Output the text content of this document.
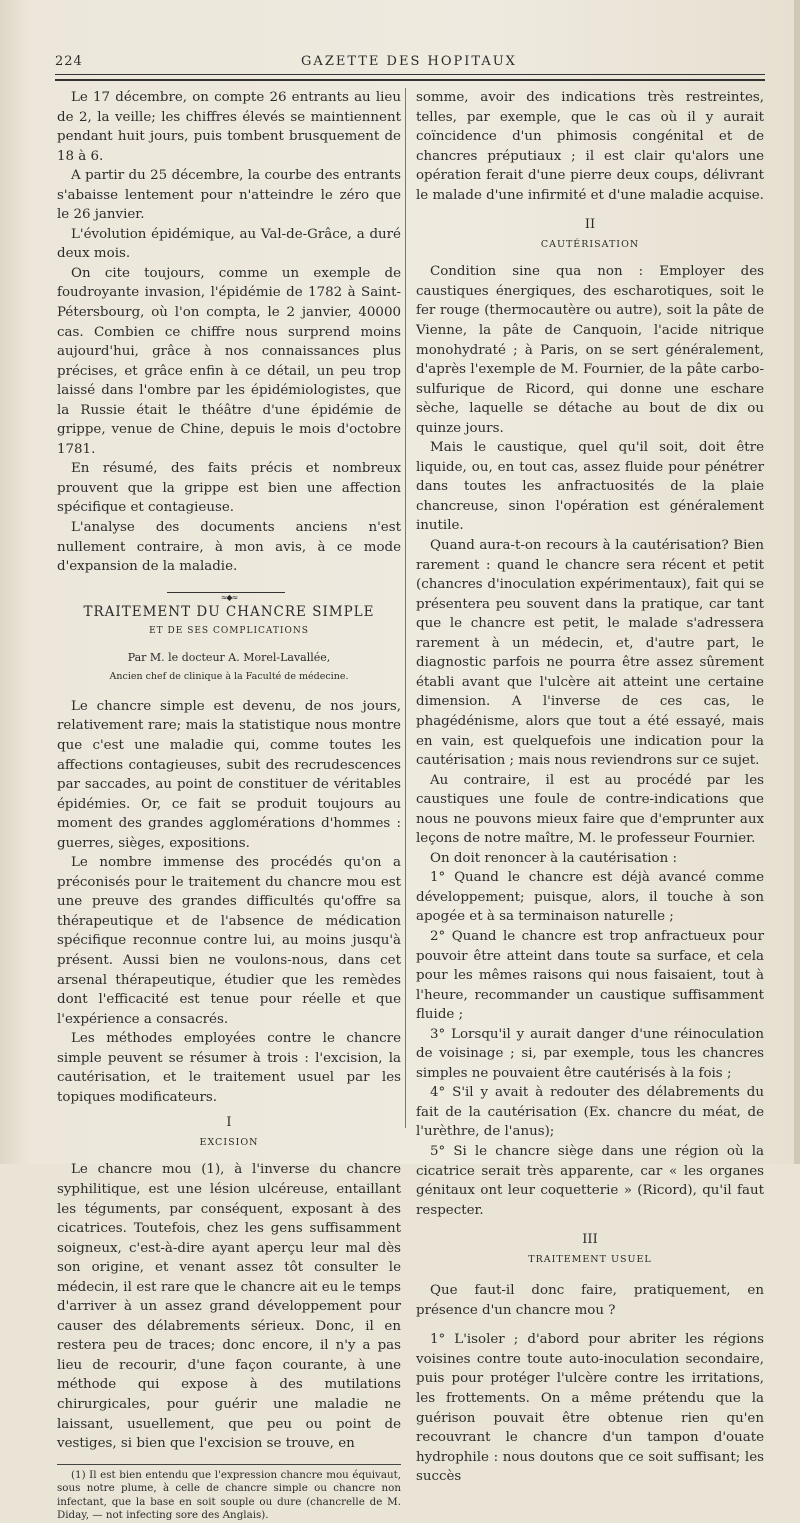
224	GAZETTE DES HOPITAUX

Le 17 décembre, on compte 26 entrants au lieu de 2, la veille; les chiffres élevés se maintiennent pendant huit jours, puis tombent brusquement de 18 à 6.

A partir du 25 décembre, la courbe des entrants s'abaisse lentement pour n'atteindre le zéro que le 26 janvier.

L'évolution épidémique, au Val-de-Grâce, a duré deux mois.

On cite toujours, comme un exemple de foudroyante invasion, l'épidémie de 1782 à Saint-Pétersbourg, où l'on compta, le 2 janvier, 40000 cas. Combien ce chiffre nous surprend moins aujourd'hui, grâce à nos connaissances plus précises, et grâce enfin à ce détail, un peu trop laissé dans l'ombre par les épidémiologistes, que la Russie était le théâtre d'une épidémie de grippe, venue de Chine, depuis le mois d'octobre 1781.

En résumé, des faits précis et nombreux prouvent que la grippe est bien une affection spécifique et contagieuse.

L'analyse des documents anciens n'est nullement contraire, à mon avis, à ce mode d'expansion de la maladie.

≈◆≈

TRAITEMENT DU CHANCRE SIMPLE

ET DE SES COMPLICATIONS

Par M. le docteur A. Morel-Lavallée,

Ancien chef de clinique à la Faculté de médecine.

Le chancre simple est devenu, de nos jours, relativement rare; mais la statistique nous montre que c'est une maladie qui, comme toutes les affections contagieuses, subit des recrudescences par saccades, au point de constituer de véritables épidémies. Or, ce fait se produit toujours au moment des grandes agglomérations d'hommes : guerres, sièges, expositions.

Le nombre immense des procédés qu'on a préconisés pour le traitement du chancre mou est une preuve des grandes difficultés qu'offre sa thérapeutique et de l'absence de médication spécifique reconnue contre lui, au moins jusqu'à présent. Aussi bien ne voulons-nous, dans cet arsenal thérapeutique, étudier que les remèdes dont l'efficacité est tenue pour réelle et que l'expérience a consacrés.

Les méthodes employées contre le chancre simple peuvent se résumer à trois : l'excision, la cautérisation, et le traitement usuel par les topiques modificateurs.

I

EXCISION

Le chancre mou (1), à l'inverse du chancre syphilitique, est une lésion ulcéreuse, entaillant les téguments, par conséquent, exposant à des cicatrices. Toutefois, chez les gens suffisamment soigneux, c'est-à-dire ayant aperçu leur mal dès son origine, et venant assez tôt consulter le médecin, il est rare que le chancre ait eu le temps d'arriver à un assez grand développement pour causer des délabrements sérieux. Donc, il en restera peu de traces; donc encore, il n'y a pas lieu de recourir, d'une façon courante, à une méthode qui expose à des mutilations chirurgicales, pour guérir une maladie ne laissant, usuellement, que peu ou point de vestiges, si bien que l'excision se trouve, en

(1) Il est bien entendu que l'expression chancre mou équivaut, sous notre plume, à celle de chancre simple ou chancre non infectant, que la base en soit souple ou dure (chancrelle de M. Diday, — not infecting sore des Anglais).

somme, avoir des indications très restreintes, telles, par exemple, que le cas où il y aurait coïncidence d'un phimosis congénital et de chancres préputiaux ; il est clair qu'alors une opération ferait d'une pierre deux coups, délivrant le malade d'une infirmité et d'une maladie acquise.

II

CAUTÉRISATION

Condition sine qua non : Employer des caustiques énergiques, des escharotiques, soit le fer rouge (thermocautère ou autre), soit la pâte de Vienne, la pâte de Canquoin, l'acide nitrique monohydraté ; à Paris, on se sert généralement, d'après l'exemple de M. Fournier, de la pâte carbo-sulfurique de Ricord, qui donne une eschare sèche, laquelle se détache au bout de dix ou quinze jours.

Mais le caustique, quel qu'il soit, doit être liquide, ou, en tout cas, assez fluide pour pénétrer dans toutes les anfractuosités de la plaie chancreuse, sinon l'opération est généralement inutile.

Quand aura-t-on recours à la cautérisation? Bien rarement : quand le chancre sera récent et petit (chancres d'inoculation expérimentaux), fait qui se présentera peu souvent dans la pratique, car tant que le chancre est petit, le malade s'adressera rarement à un médecin, et, d'autre part, le diagnostic parfois ne pourra être assez sûrement établi avant que l'ulcère ait atteint une certaine dimension. A l'inverse de ces cas, le phagédénisme, alors que tout a été essayé, mais en vain, est quelquefois une indication pour la cautérisation ; mais nous reviendrons sur ce sujet.

Au contraire, il est au procédé par les caustiques une foule de contre-indications que nous ne pouvons mieux faire que d'emprunter aux leçons de notre maître, M. le professeur Fournier.

On doit renoncer à la cautérisation :

1° Quand le chancre est déjà avancé comme développement; puisque, alors, il touche à son apogée et à sa terminaison naturelle ;

2° Quand le chancre est trop anfractueux pour pouvoir être atteint dans toute sa surface, et cela pour les mêmes raisons qui nous faisaient, tout à l'heure, recommander un caustique suffisamment fluide ;

3° Lorsqu'il y aurait danger d'une réinoculation de voisinage ; si, par exemple, tous les chancres simples ne pouvaient être cautérisés à la fois ;

4° S'il y avait à redouter des délabrements du fait de la cautérisation (Ex. chancre du méat, de l'urèthre, de l'anus);

5° Si le chancre siège dans une région où la cicatrice serait très apparente, car « les organes génitaux ont leur coquetterie » (Ricord), qu'il faut respecter.

III

TRAITEMENT USUEL

Que faut-il donc faire, pratiquement, en présence d'un chancre mou ?

1° L'isoler ; d'abord pour abriter les régions voisines contre toute auto-inoculation secondaire, puis pour protéger l'ulcère contre les irritations, les frottements. On a même prétendu que la guérison pouvait être obtenue rien qu'en recouvrant le chancre d'un tampon d'ouate hydrophile : nous doutons que ce soit suffisant; les succès
